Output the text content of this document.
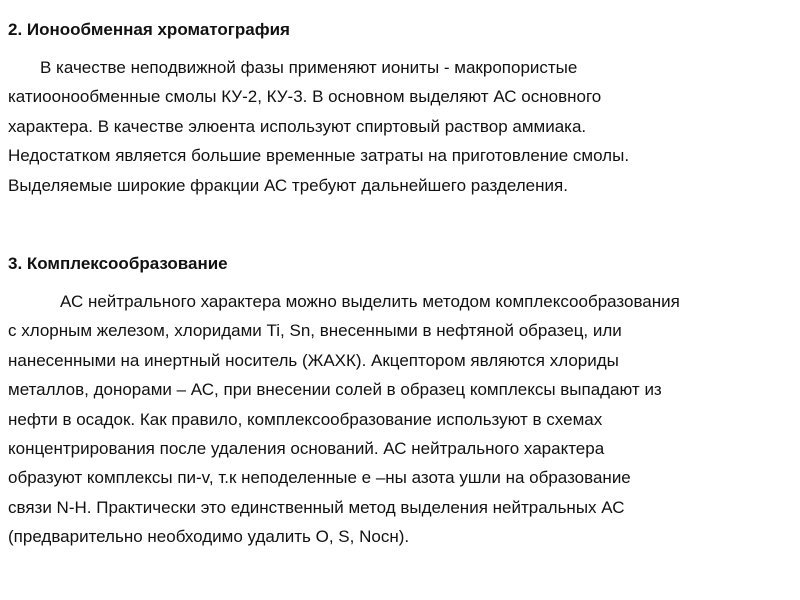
2. Ионообменная хроматография
В качестве неподвижной фазы применяют иониты - макропористые
катиоонообменные смолы КУ-2, КУ-3. В основном выделяют АС основного
характера. В качестве элюента используют спиртовый раствор аммиака.
Недостатком является большие временные затраты на приготовление смолы.
Выделяемые широкие фракции АС требуют дальнейшего разделения.
3. Комплексообразование
АС нейтрального характера можно выделить методом комплексообразования
с хлорным железом, хлоридами Ti, Sn, внесенными в нефтяной образец, или
нанесенными на инертный носитель (ЖАХК). Акцептором являются хлориды
металлов, донорами – АС, при внесении солей в образец комплексы выпадают из
нефти в осадок. Как правило, комплексообразование используют в схемах
концентрирования после удаления оснований. АС нейтрального характера
образуют комплексы пи-v, т.к неподеленные е –ны азота ушли на образование
связи N-H. Практически это единственный метод выделения нейтральных АС
(предварительно необходимо удалить O, S, Nocн).
